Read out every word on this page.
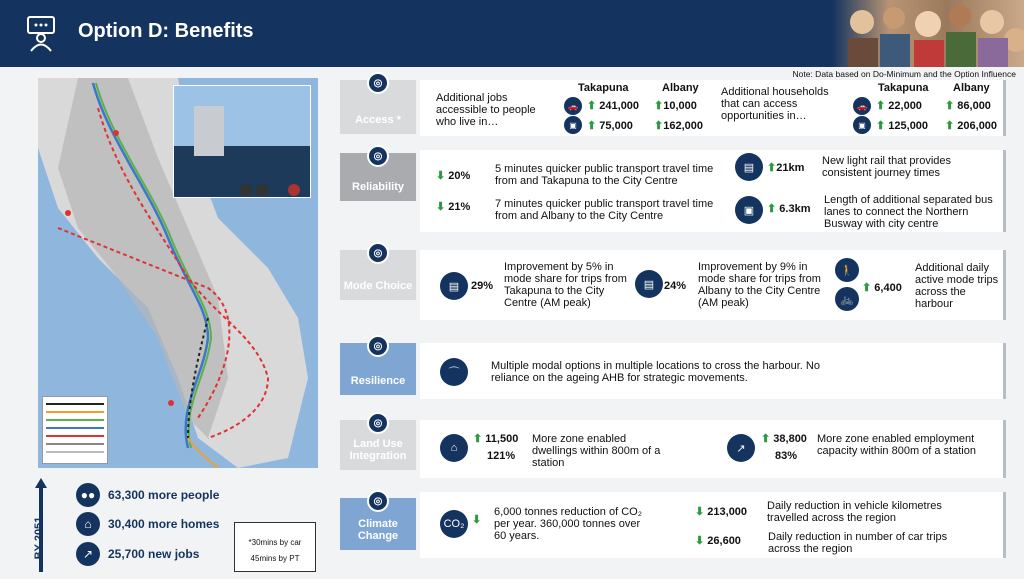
Option D: Benefits
Note: Data based on Do-Minimum and the Option Influence
BY 2051
●●	63,300 more people
⌂	30,400 more homes
↗	25,700 new jobs
*30mins by car
45mins by PT
◎
Access *
◎
Reliability
◎
Mode Choice
◎
Resilience
◎
Land Use Integration
◎
Climate Change
Additional jobs accessible to people who live in…
Takapuna	Albany
🚗 ⬆ 241,000 ⬆10,000
▣ ⬆ 75,000 ⬆162,000
Additional households that can access opportunities in…
Takapuna Albany
🚗 ⬆ 22,000 ⬆ 86,000
▣ ⬆ 125,000 ⬆ 206,000
⬇ 20%
5 minutes quicker public transport travel time from and Takapuna to the City Centre
⬇ 21% 7 minutes quicker public transport travel time from and Albany to the City Centre
▤	⬆21km
New light rail that provides consistent journey times
▣	⬆ 6.3km
Length of additional separated bus lanes to connect the Northern Busway with city centre
▤	29%
Improvement by 5% in mode share for trips from Takapuna to the City Centre (AM peak)
▤ 24%
Improvement by 9% in mode share for trips from Albany to the City Centre (AM peak)
🚶
🚲
⬆ 6,400
Additional daily active mode trips across the harbour
⌒
Multiple modal options in multiple locations to cross the harbour. No reliance on the ageing AHB for strategic movements.
⌂
⬆ 11,500
121%
More zone enabled dwellings within 800m of a station
↗
⬆ 38,800
83%
More zone enabled employment capacity within 800m of a station
CO₂ ⬇
6,000 tonnes reduction of CO₂ per year. 360,000 tonnes over 60 years.
⬇ 213,000 Daily reduction in vehicle kilometres travelled across the region
⬇ 26,600 Daily reduction in number of car trips across the region
